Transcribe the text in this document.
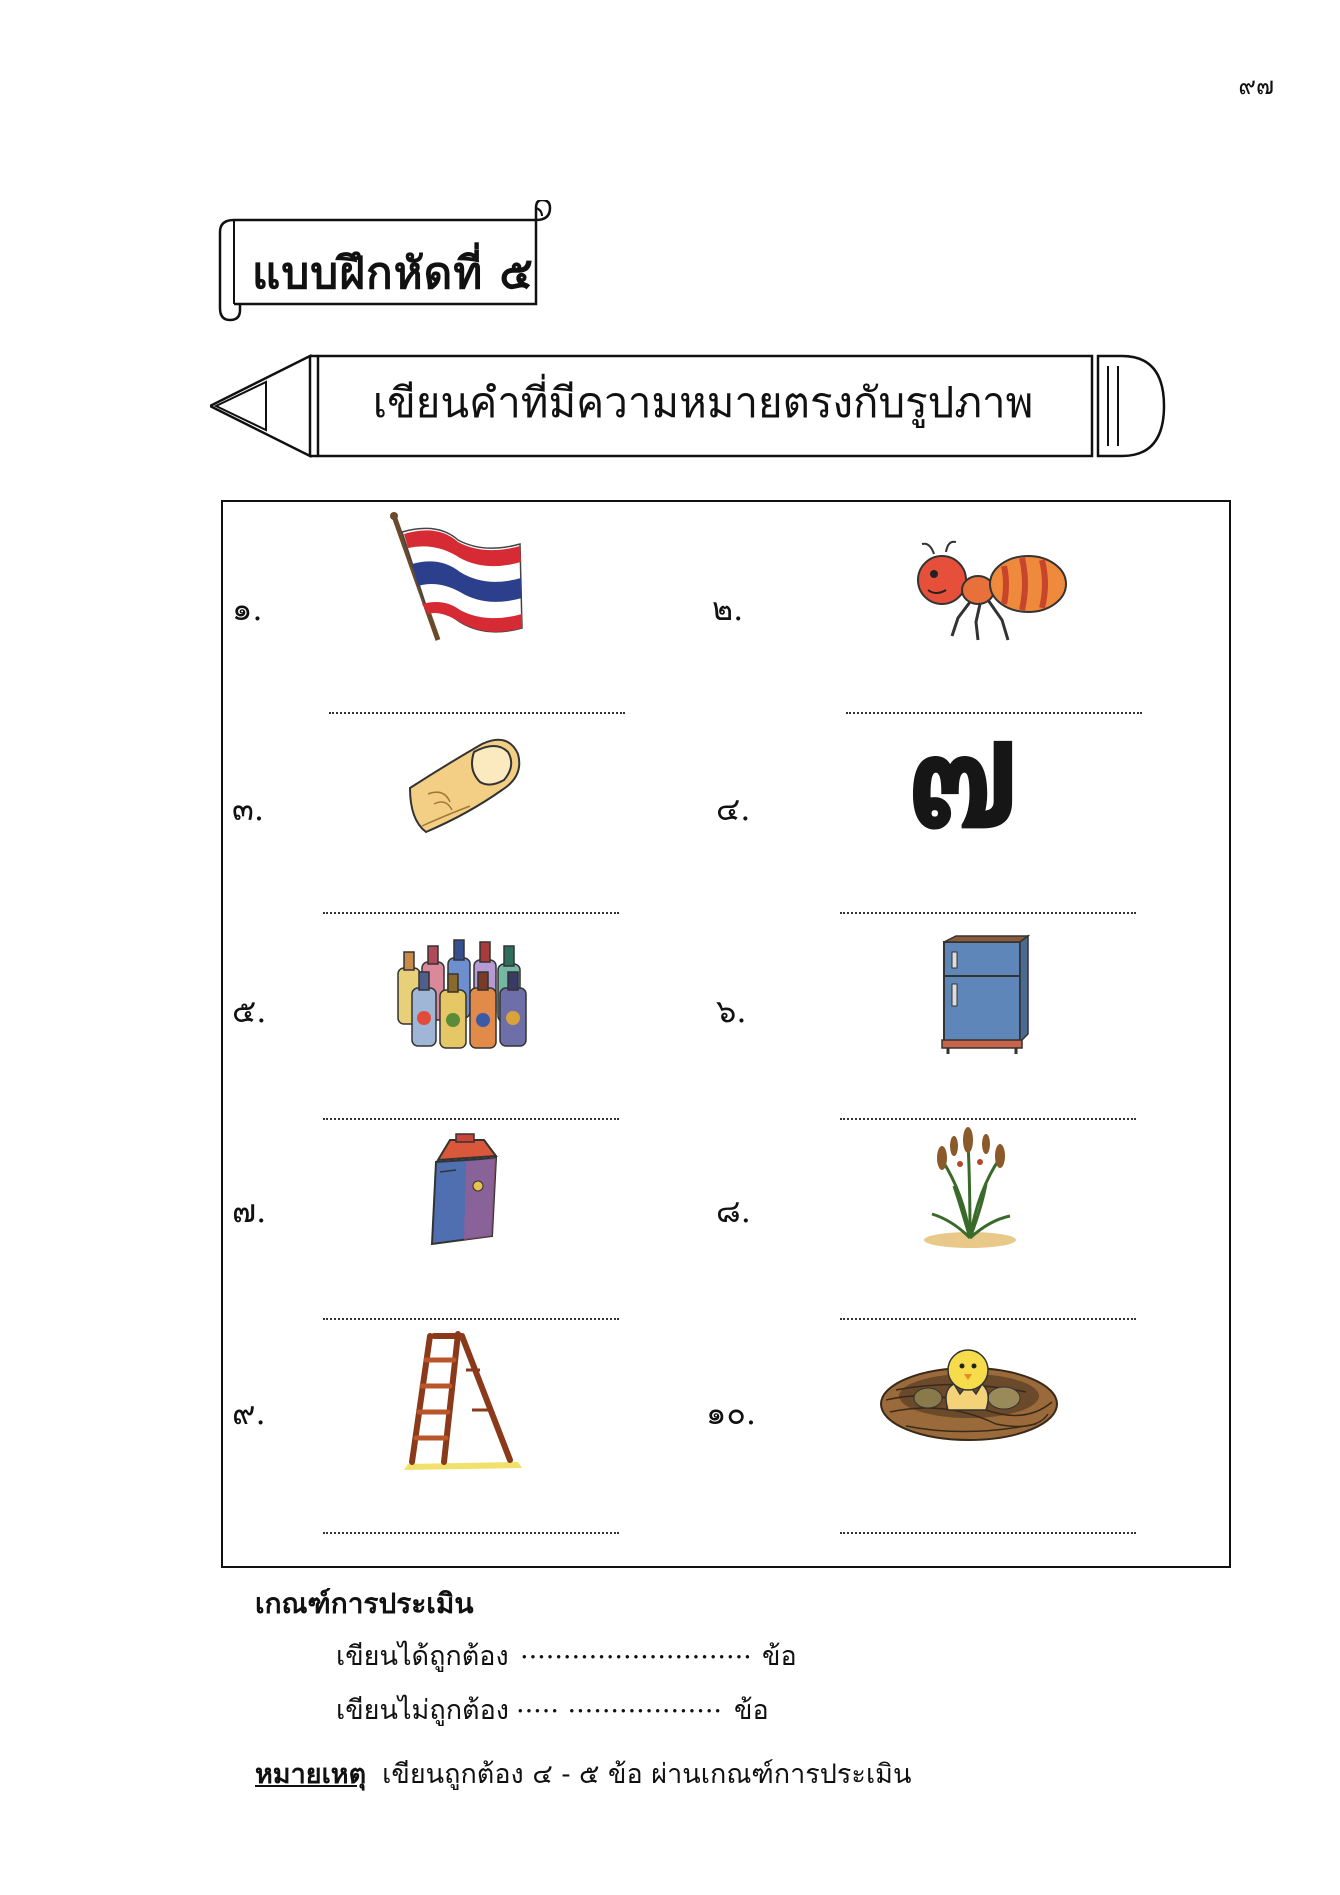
๙๗
แบบฝึกหัดที่ ๕
เขียนคำที่มีความหมายตรงกับรูปภาพ
๑.	๒.
๓.	๔.
๕.	๖.
๗.	๘.
๙.	๑๐.
๗
เกณฑ์การประเมิน
เขียนได้ถูกต้อง ........................... ข้อ
เขียนไม่ถูกต้อง ..... .................. ข้อ
หมายเหตุ เขียนถูกต้อง ๔ - ๕ ข้อ ผ่านเกณฑ์การประเมิน
